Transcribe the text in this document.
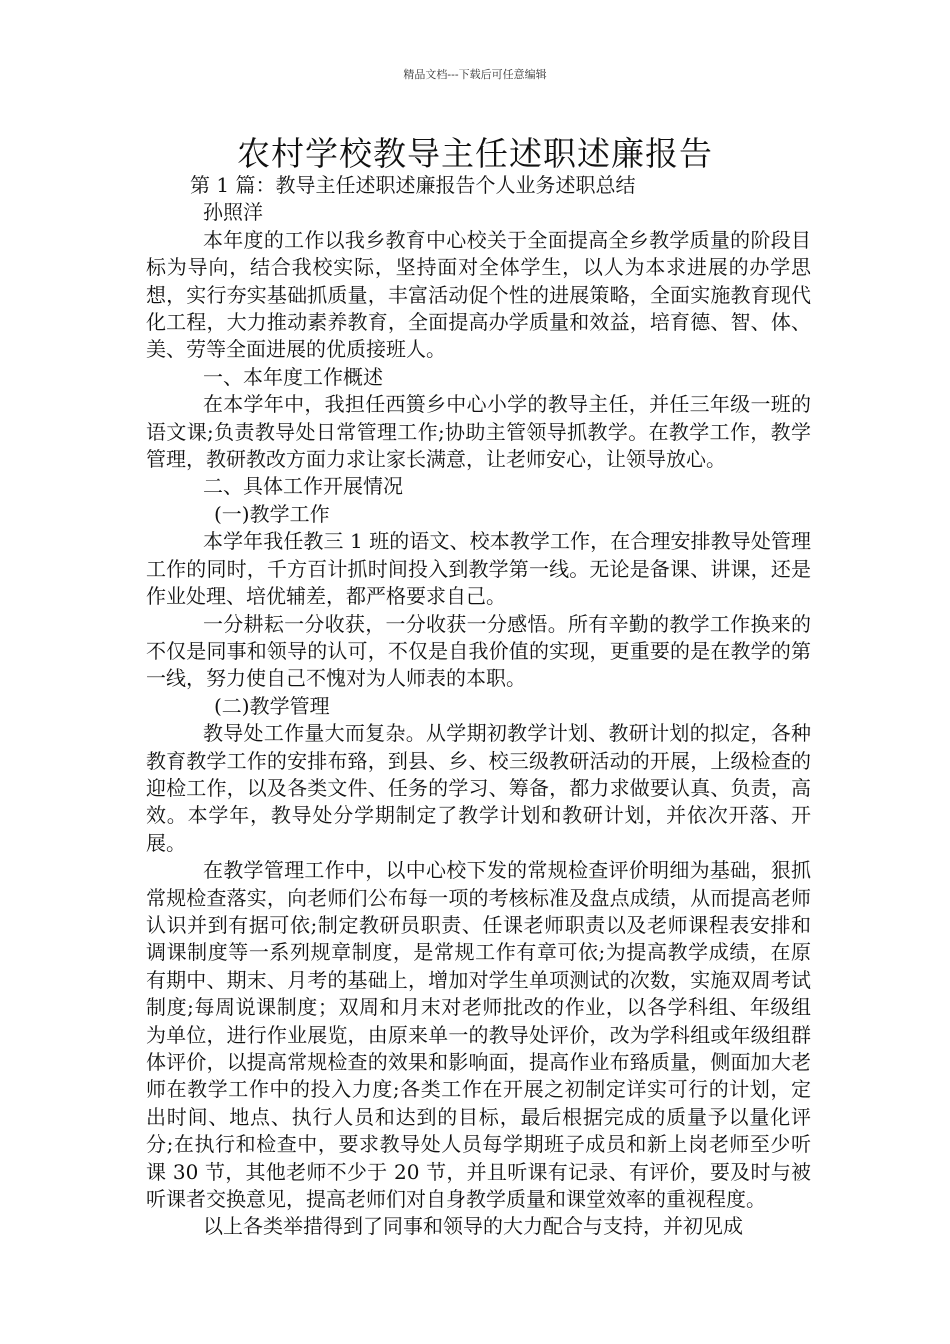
精品文档---下载后可任意编辑
农村学校教导主任述职述廉报告

第 1 篇：教导主任述职述廉报告个人业务述职总结

孙照洋

本年度的工作以我乡教育中心校关于全面提高全乡教学质量的阶段目标为导向，结合我校实际，坚持面对全体学生，以人为本求进展的办学思想，实行夯实基础抓质量，丰富活动促个性的进展策略，全面实施教育现代化工程，大力推动素养教育，全面提高办学质量和效益，培育德、智、体、美、劳等全面进展的优质接班人。

一、本年度工作概述

在本学年中，我担任西篑乡中心小学的教导主任，并任三年级一班的语文课;负责教导处日常管理工作;协助主管领导抓教学。在教学工作，教学管理，教研教改方面力求让家长满意，让老师安心，让领导放心。

二、具体工作开展情况

(一)教学工作

本学年我任教三 1 班的语文、校本教学工作，在合理安排教导处管理工作的同时，千方百计抓时间投入到教学第一线。无论是备课、讲课，还是作业处理、培优辅差，都严格要求自己。

一分耕耘一分收获，一分收获一分感悟。所有辛勤的教学工作换来的不仅是同事和领导的认可，不仅是自我价值的实现，更重要的是在教学的第一线，努力使自己不愧对为人师表的本职。

(二)教学管理

教导处工作量大而复杂。从学期初教学计划、教研计划的拟定，各种教育教学工作的安排布臵，到县、乡、校三级教研活动的开展，上级检查的迎检工作，以及各类文件、任务的学习、筹备，都力求做要认真、负责，高效。本学年，教导处分学期制定了教学计划和教研计划，并依次开落、开展。

在教学管理工作中，以中心校下发的常规检查评价明细为基础，狠抓常规检查落实，向老师们公布每一项的考核标准及盘点成绩，从而提高老师认识并到有据可依;制定教研员职责、任课老师职责以及老师课程表安排和调课制度等一系列规章制度，是常规工作有章可依;为提高教学成绩，在原有期中、期末、月考的基础上，增加对学生单项测试的次数，实施双周考试制度;每周说课制度；双周和月末对老师批改的作业，以各学科组、年级组为单位，进行作业展览，由原来单一的教导处评价，改为学科组或年级组群体评价，以提高常规检查的效果和影响面，提高作业布臵质量，侧面加大老师在教学工作中的投入力度;各类工作在开展之初制定详实可行的计划，定出时间、地点、执行人员和达到的目标，最后根据完成的质量予以量化评分;在执行和检查中，要求教导处人员每学期班子成员和新上岗老师至少听课 30 节，其他老师不少于 20 节，并且听课有记录、有评价，要及时与被听课者交换意见，提高老师们对自身教学质量和课堂效率的重视程度。

以上各类举措得到了同事和领导的大力配合与支持，并初见成
